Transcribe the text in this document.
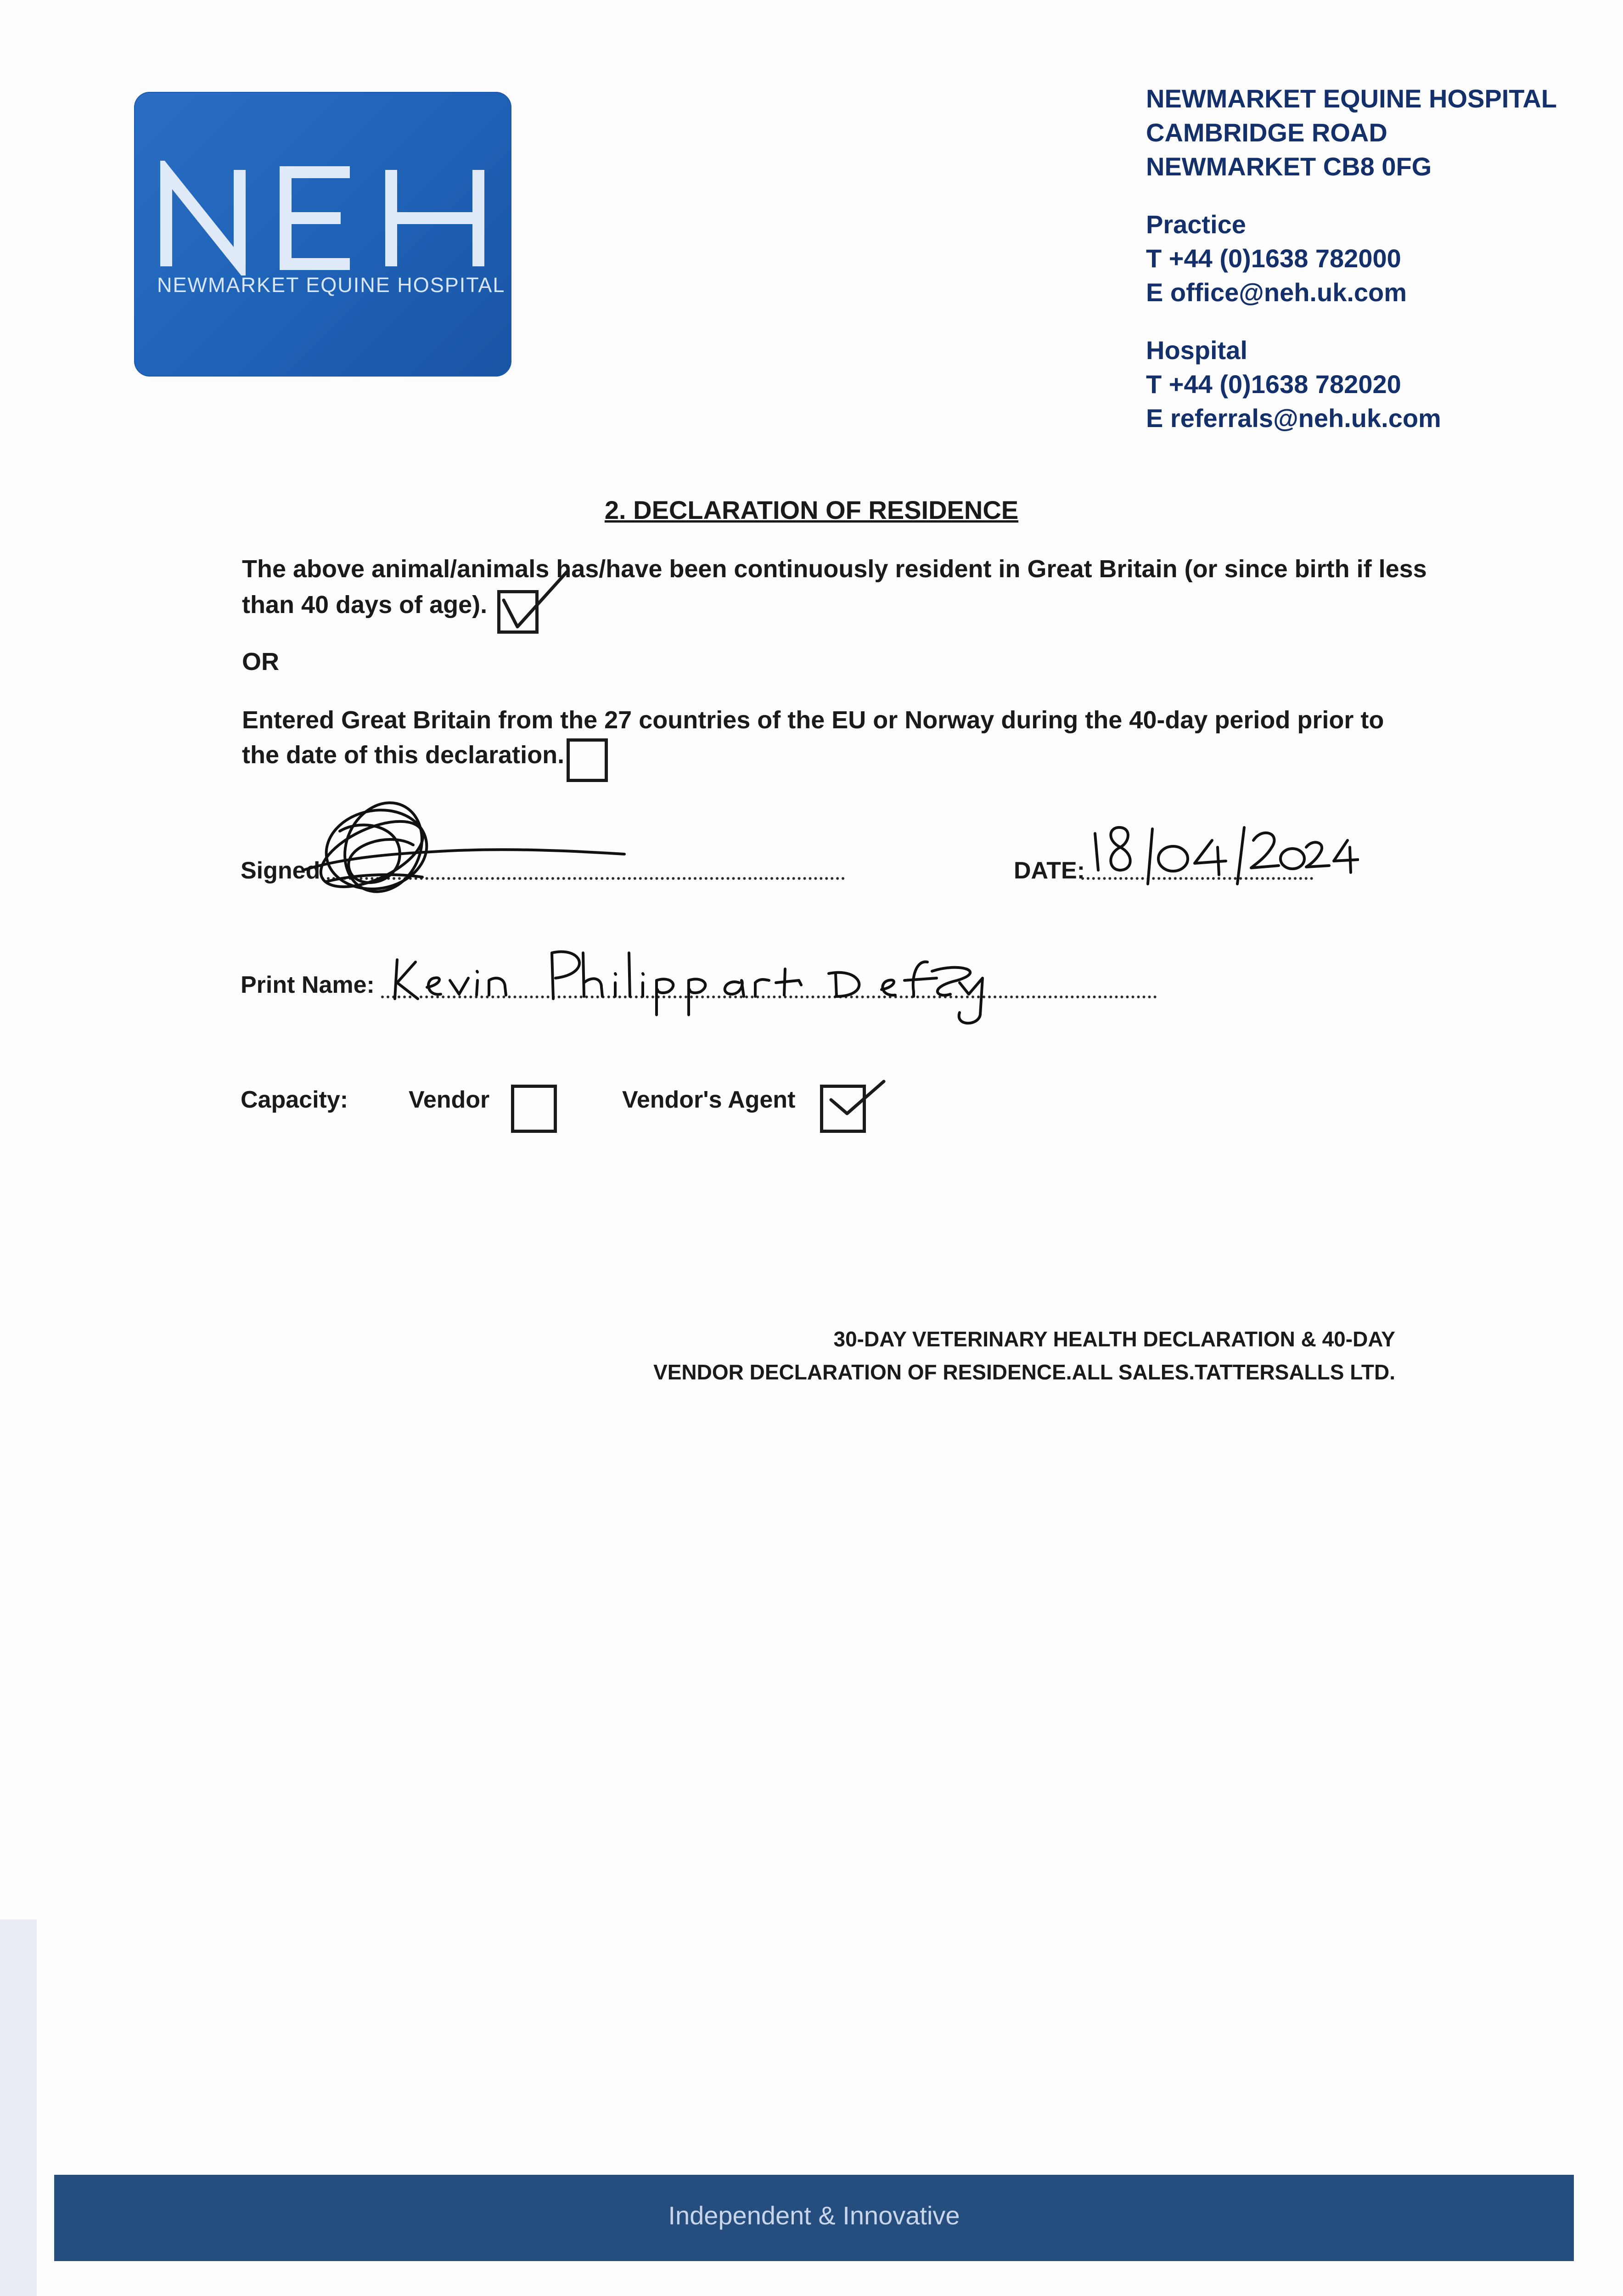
NEWMARKET EQUINE HOSPITAL
NEWMARKET EQUINE HOSPITAL
CAMBRIDGE ROAD
NEWMARKET CB8 0FG
Practice
T +44 (0)1638 782000
E office@neh.uk.com
Hospital
T +44 (0)1638 782020
E referrals@neh.uk.com
2. DECLARATION OF RESIDENCE
The above animal/animals has/have been continuously resident in Great Britain (or since birth if less
than 40 days of age).
OR
Entered Great Britain from the 27 countries of the EU or Norway during the 40-day period prior to
the date of this declaration.
Signed	DATE:
Print Name:
Capacity:	Vendor	Vendor's Agent
30-DAY VETERINARY HEALTH DECLARATION & 40-DAY
VENDOR DECLARATION OF RESIDENCE.ALL SALES.TATTERSALLS LTD.
Independent & Innovative
